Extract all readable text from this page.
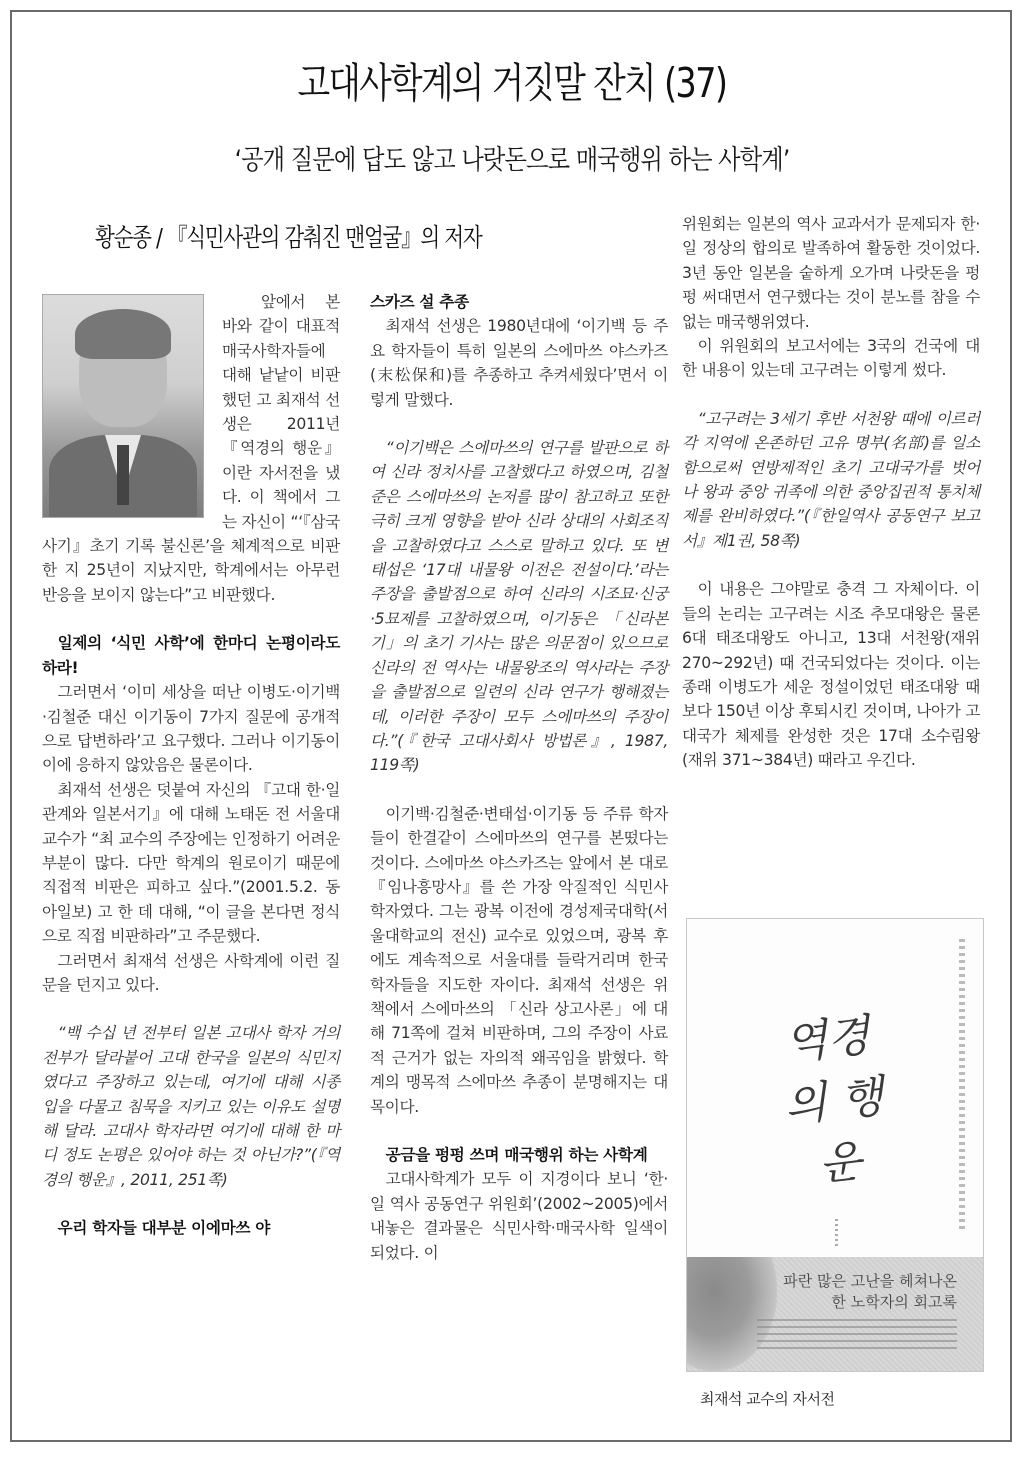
고대사학계의 거짓말 잔치 (37)
‘공개 질문에 답도 않고 나랏돈으로 매국행위 하는 사학계’
황순종 / 『식민사관의 감춰진 맨얼굴』의 저자

앞에서 본 바와 같이 대표적 매국사학자들에 대해 낱낱이 비판했던 고 최재석 선생은 2011년 『역경의 행운』이란 자서전을 냈다. 이 책에서 그는 자신이 “‘『삼국사기』초기 기록 불신론’을 체계적으로 비판한 지 25년이 지났지만, 학계에서는 아무런 반응을 보이지 않는다”고 비판했다.

일제의 ‘식민 사학’에 한마디 논평이라도 하라!

그러면서 ‘이미 세상을 떠난 이병도·이기백·김철준 대신 이기동이 7가지 질문에 공개적으로 답변하라’고 요구했다. 그러나 이기동이 이에 응하지 않았음은 물론이다.

최재석 선생은 덧붙여 자신의 『고대 한·일 관계와 일본서기』에 대해 노태돈 전 서울대 교수가 “최 교수의 주장에는 인정하기 어려운 부분이 많다. 다만 학계의 원로이기 때문에 직접적 비판은 피하고 싶다.”(2001.5.2. 동아일보) 고 한 데 대해, “이 글을 본다면 정식으로 직접 비판하라”고 주문했다.

그러면서 최재석 선생은 사학계에 이런 질문을 던지고 있다.

“백 수십 년 전부터 일본 고대사 학자 거의 전부가 달라붙어 고대 한국을 일본의 식민지였다고 주장하고 있는데, 여기에 대해 시종 입을 다물고 침묵을 지키고 있는 이유도 설명해 달라. 고대사 학자라면 여기에 대해 한 마디 정도 논평은 있어야 하는 것 아닌가?”(『역경의 행운』, 2011, 251쪽)

우리 학자들 대부분 이에마쓰 야

스카즈 설 추종

최재석 선생은 1980년대에 ‘이기백 등 주요 학자들이 특히 일본의 스에마쓰 야스카즈(末松保和)를 추종하고 추켜세웠다’면서 이렇게 말했다.

“이기백은 스에마쓰의 연구를 발판으로 하여 신라 정치사를 고찰했다고 하였으며, 김철준은 스에마쓰의 논저를 많이 참고하고 또한 극히 크게 영향을 받아 신라 상대의 사회조직을 고찰하였다고 스스로 말하고 있다. 또 변태섭은 ‘17대 내물왕 이전은 전설이다.’라는 주장을 출발점으로 하여 신라의 시조묘·신궁·5묘제를 고찰하였으며, 이기동은 「신라본기」의 초기 기사는 많은 의문점이 있으므로 신라의 전 역사는 내물왕조의 역사라는 주장을 출발점으로 일련의 신라 연구가 행해졌는데, 이러한 주장이 모두 스에마쓰의 주장이다.”(『한국 고대사회사 방법론』, 1987, 119쪽)

이기백·김철준·변태섭·이기동 등 주류 학자들이 한결같이 스에마쓰의 연구를 본떴다는 것이다. 스에마쓰 야스카즈는 앞에서 본 대로 『임나흥망사』를 쓴 가장 악질적인 식민사학자였다. 그는 광복 이전에 경성제국대학(서울대학교의 전신) 교수로 있었으며, 광복 후에도 계속적으로 서울대를 들락거리며 한국학자들을 지도한 자이다. 최재석 선생은 위 책에서 스에마쓰의 「신라 상고사론」에 대해 71쪽에 걸쳐 비판하며, 그의 주장이 사료적 근거가 없는 자의적 왜곡임을 밝혔다. 학계의 맹목적 스에마쓰 추종이 분명해지는 대목이다.

공금을 펑펑 쓰며 매국행위 하는 사학계

고대사학계가 모두 이 지경이다 보니 ‘한·일 역사 공동연구 위원회’(2002~2005)에서 내놓은 결과물은 식민사학·매국사학 일색이 되었다. 이

위원회는 일본의 역사 교과서가 문제되자 한·일 정상의 합의로 발족하여 활동한 것이었다. 3년 동안 일본을 숱하게 오가며 나랏돈을 펑펑 써대면서 연구했다는 것이 분노를 참을 수 없는 매국행위였다.

이 위원회의 보고서에는 3국의 건국에 대한 내용이 있는데 고구려는 이렇게 썼다.

“고구려는 3세기 후반 서천왕 때에 이르러 각 지역에 온존하던 고유 명부(名部)를 일소함으로써 연방제적인 초기 고대국가를 벗어나 왕과 중앙 귀족에 의한 중앙집권적 통치체제를 완비하였다.”(『한일역사 공동연구 보고서』제1권, 58쪽)

이 내용은 그야말로 충격 그 자체이다. 이들의 논리는 고구려는 시조 추모대왕은 물론 6대 태조대왕도 아니고, 13대 서천왕(재위 270~292년) 때 건국되었다는 것이다. 이는 종래 이병도가 세운 정설이었던 태조대왕 때보다 150년 이상 후퇴시킨 것이며, 나아가 고대국가 체제를 완성한 것은 17대 소수림왕(재위 371~384년) 때라고 우긴다.

역경의 행운
파란 많은 고난을 헤쳐나온
한 노학자의 회고록
최재석 교수의 자서전
